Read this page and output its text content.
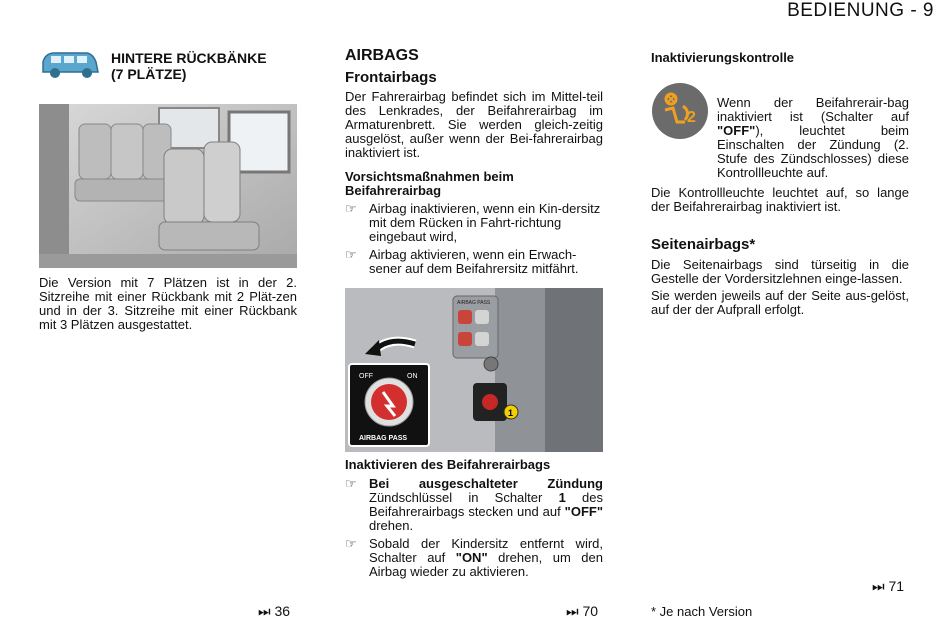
BEDIENUNG - 9
HINTERE RÜCKBÄNKE
(7 PLÄTZE)
Die Version mit 7 Plätzen ist in der 2. Sitzreihe mit einer Rückbank mit 2 Plät-zen und in der 3. Sitzreihe mit einer Rückbank mit 3 Plätzen ausgestattet.
⏭ 36
AIRBAGS
Frontairbags

Der Fahrerairbag befindet sich im Mittel-teil des Lenkrades, der Beifahrerairbag im Armaturenbrett. Sie werden gleich-zeitig ausgelöst, außer wenn der Bei-fahrerairbag inaktiviert ist.

Vorsichtsmaßnahmen beim
Beifahrerairbag
☞ Airbag inaktivieren, wenn ein Kin-dersitz mit dem Rücken in Fahrt-richtung eingebaut wird,
☞ Airbag aktivieren, wenn ein Erwach-sener auf dem Beifahrersitz mitfährt.
AIRBAG PASS
1
OFF	ON
AIRBAG PASS
Inaktivieren des Beifahrerairbags
☞ Bei ausgeschalteter Zündung Zündschlüssel in Schalter 1 des Beifahrerairbags stecken und auf "OFF" drehen.
☞ Sobald der Kindersitz entfernt wird, Schalter auf "ON" drehen, um den Airbag wieder zu aktivieren.
⏭ 70
Inaktivierungskontrolle
2

Wenn der Beifahrerair-bag inaktiviert ist (Schalter auf "OFF"), leuchtet beim Einschalten der Zündung (2. Stufe des Zündschlosses) diese Kontrollleuchte auf.

Die Kontrollleuchte leuchtet auf, so lange der Beifahrerairbag inaktiviert ist.

Seitenairbags*

Die Seitenairbags sind türseitig in die Gestelle der Vordersitzlehnen einge-lassen.

Sie werden jeweils auf der Seite aus-gelöst, auf der der Aufprall erfolgt.

⏭ 71
* Je nach Version
